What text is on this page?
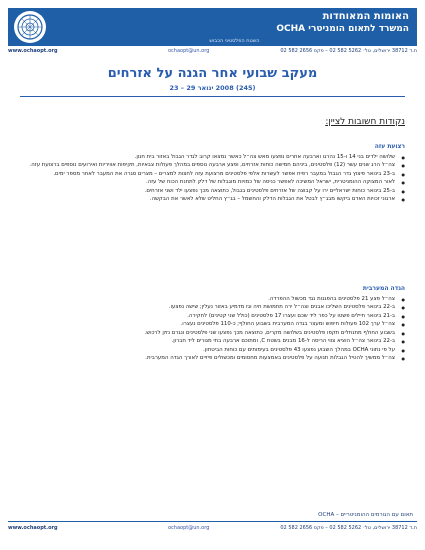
האומות המאוחדות
המשרד לתאום הומניטרי OCHA
השטח הפלסטיני הכבוש
ת.ד 38712 ירושלים, טל׳ 5262 582 02 – פקס 2656 582 02
ochaopt@un.org
www.ochaopt.org
מעקב שבועי אחר הגנה על אזרחים
(245) 2008 ינואר 29 – 23
נקודות חשובות לציין:
רצועת עזה
● שלושה ילדים בני 14 ו-15 נהרגו וארבעה אחרים נפצעו מאש צה״ל כאשר נמצאו קרוב לגדר הגבול באזור בית חנון.
● צה״ל הרג שנים עשר (12) פלסטינים, ביניהם חמישה כוחות אזרחים, ופצע ארבעה נוספים במהלך פעולות צבאיות, תקיפות אוויריות ואירועים נוספים ברצועת עזה.
● ב-23 בינואר פיצוץ גדר הגבול במעבר רפיח אפשר לעשרות אלפי פלסטינים מרצועת עזה לחצות למצרים – מצרים סגרה את המעבר לאחר מספר ימים.
● לאור המצוקה ההומניטרית, ישראל המשיכה לאפשר כניסה של כמויות מוגבלות של דלק לתחנת הכוח של עזה.
● ב-25 בינואר כוחות ישראליים ירו על קבוצה של אזרחים פלסטינים בגבול, כתוצאה מכך נפצעו ילד ושני אזרחים.
● ארגוני זכויות האדם ביקשו מבג״ץ לבטל את הגבלות הדלק והחשמל – בג״ץ החליט שלא לאשר את הבקשה.
הגדה המערבית
● צה״ל פצע 21 פלסטינים בהפגנות נגד מכשול ההפרדה.
● ב-22 בינואר פלסטינים השליכו אבנים וצה״ל ירה תחמושת חיה וגז מדמיע באזור נעלין; שישה נפצעו.
● ב-21 בינואר חיילים פשטו על כפר ליד שכם ועצרו 17 פלסטינים (כולל שני קטינים) לחקירה.
● צה״ל ערך 102 פעולות חיפוש ומעצר בגדה המערבית בשבוע החולף; כ-110 פלסטינים נעצרו.
● בשבוע החולף מתנחלים תקפו פלסטינים בשלושה מקרים, כתוצאה מכך נפצעו שני פלסטינים ונגרם נזק לרכוש.
● ב-22 בינואר צה״ל הוציא צווי הריסה ל-16 מבנים בשטח C, ומתוכם ארבעה בתי מגורים ליד חברון.
● על פי נתוני OCHA במהלך השבוע נפצעו 43 פלסטינים בעימותים עם כוחות הביטחון.
● צה״ל ממשיך להטיל הגבלות תנועה על פלסטינים באמצעות מחסומים ומכשולים פיזיים לאורך הגדה המערבית.
תאום עם הגורמים ההומניטריים – OCHA
ת.ד 38712 ירושלים, טל׳ 5262 582 02 – פקס 2656 582 02
ochaopt@un.org
www.ochaopt.org
